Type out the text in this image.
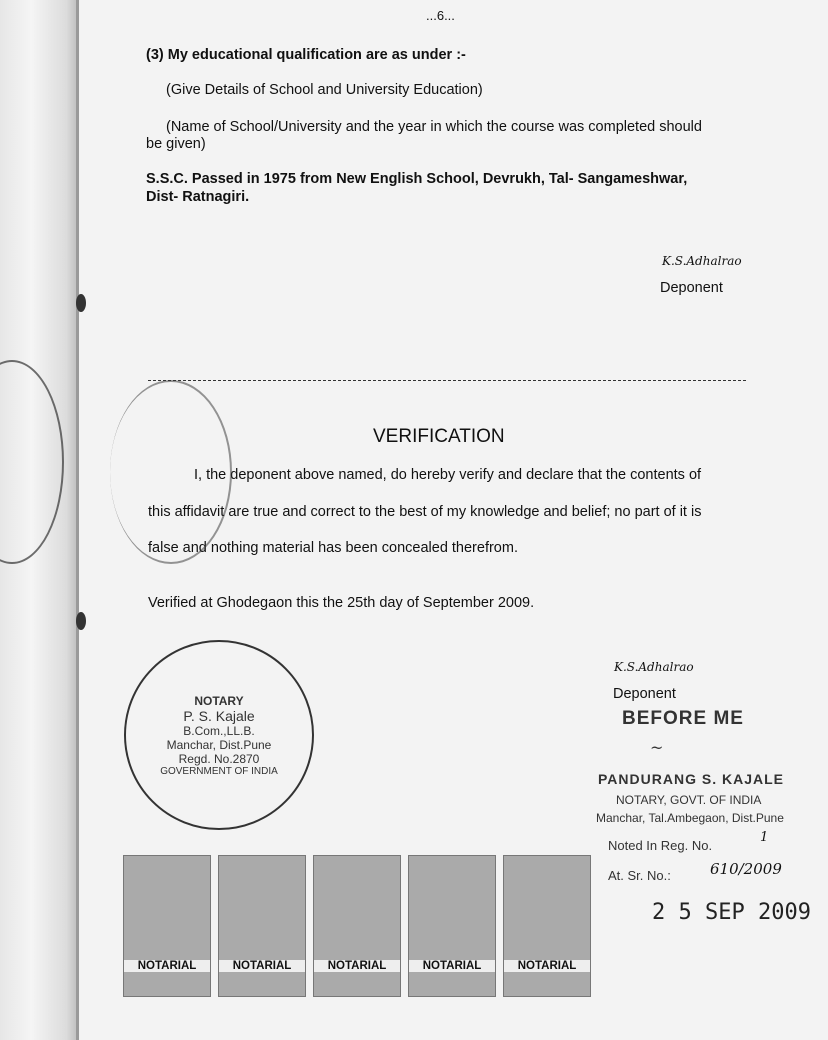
...6...
(3) My educational qualification are as under :-
(Give Details of School and University Education)
(Name of School/University and the year in which the course was completed should
be given)
S.S.C. Passed in 1975 from New English School, Devrukh, Tal- Sangameshwar,
Dist- Ratnagiri.
K.S.Adhalrao
Deponent
VERIFICATION
I, the deponent above named, do hereby verify and declare that the contents of
this affidavit are true and correct to the best of my knowledge and belief; no part of it is
false and nothing material has been concealed therefrom.
Verified at Ghodegaon this the 25th day of September 2009.
K.S.Adhalrao
Deponent
BEFORE ME
~
PANDURANG S. KAJALE
NOTARY, GOVT. OF INDIA
Manchar, Tal.Ambegaon, Dist.Pune
Noted In Reg. No.
1
At. Sr. No.:	610/2009
2 5 SEP 2009
NOTARY
P. S. Kajale
B.Com.,LL.B.
Manchar, Dist.Pune
Regd. No.2870
GOVERNMENT OF INDIA
NOTARIAL	NOTARIAL	NOTARIAL	NOTARIAL	NOTARIAL
